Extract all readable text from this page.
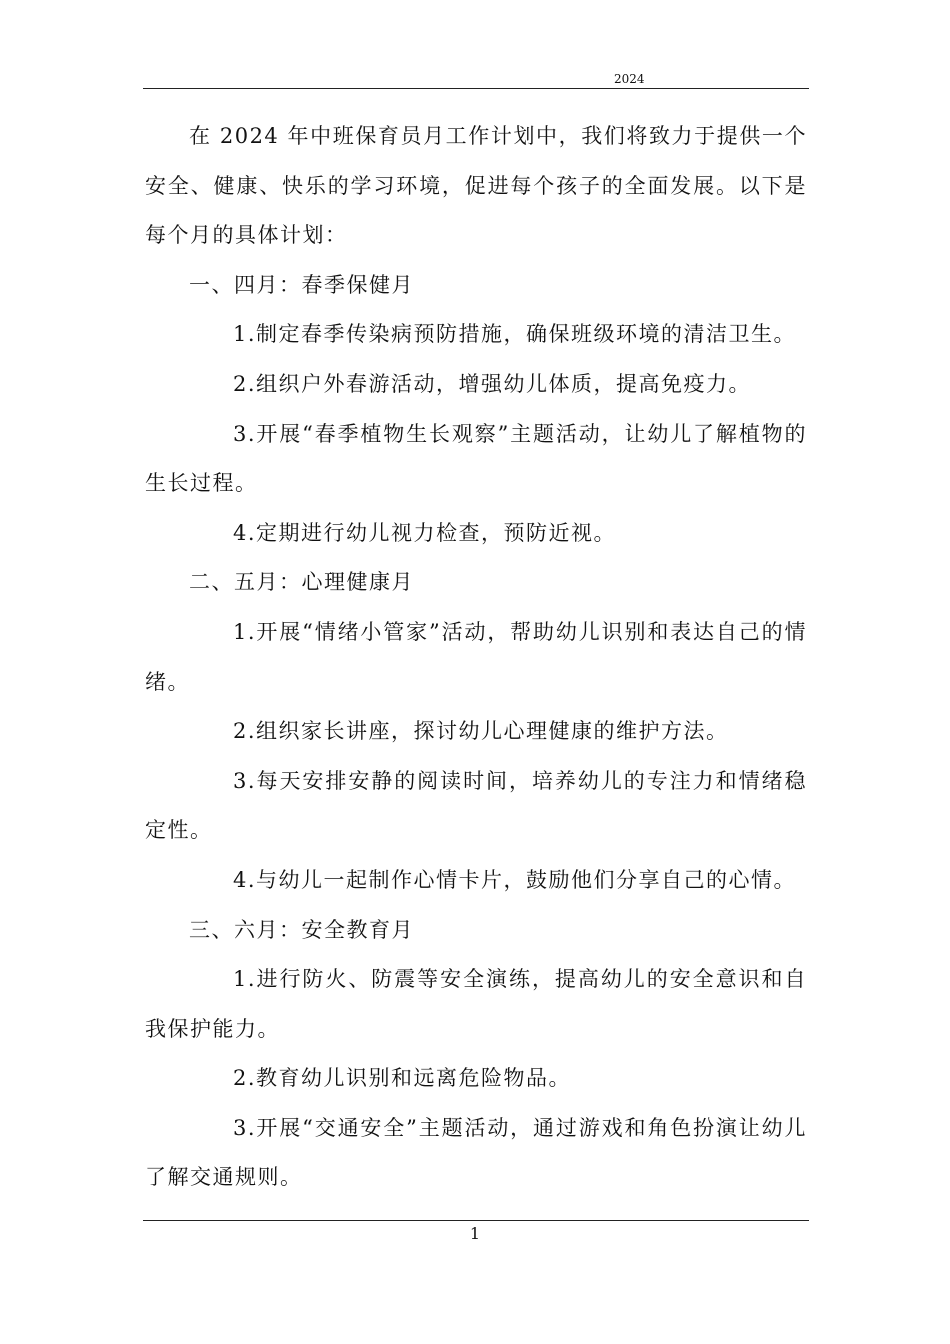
2024

在 2024 年中班保育员月工作计划中，我们将致力于提供一个安全、健康、快乐的学习环境，促进每个孩子的全面发展。以下是每个月的具体计划：

一、四月：春季保健月

1.制定春季传染病预防措施，确保班级环境的清洁卫生。

2.组织户外春游活动，增强幼儿体质，提高免疫力。

3.开展“春季植物生长观察”主题活动，让幼儿了解植物的生长过程。

4.定期进行幼儿视力检查，预防近视。

二、五月：心理健康月

1.开展“情绪小管家”活动，帮助幼儿识别和表达自己的情绪。

2.组织家长讲座，探讨幼儿心理健康的维护方法。

3.每天安排安静的阅读时间，培养幼儿的专注力和情绪稳定性。

4.与幼儿一起制作心情卡片，鼓励他们分享自己的心情。

三、六月：安全教育月

1.进行防火、防震等安全演练，提高幼儿的安全意识和自我保护能力。

2.教育幼儿识别和远离危险物品。

3.开展“交通安全”主题活动，通过游戏和角色扮演让幼儿了解交通规则。

1
